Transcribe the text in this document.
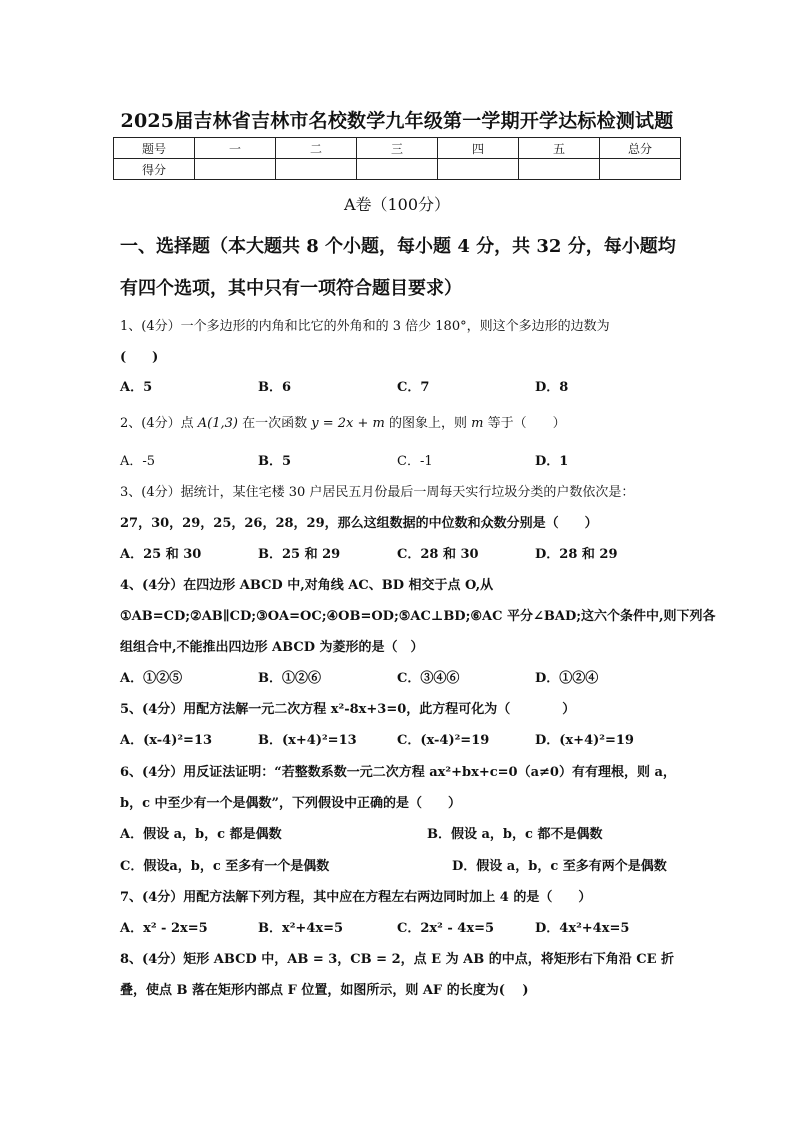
2025届吉林省吉林市名校数学九年级第一学期开学达标检测试题
题号	一	二	三	四	五	总分
得分						
A卷（100分）
一、选择题（本大题共 8 个小题，每小题 4 分，共 32 分，每小题均
有四个选项，其中只有一项符合题目要求）
1、(4分）一个多边形的内角和比它的外角和的 3 倍少 180°，则这个多边形的边数为
(　　)
A．5	B．6	C．7	D．8
2、(4分）点 A(1,3) 在一次函数 y = 2x + m 的图象上，则 m 等于（　　）
A．-5	B．5	C．-1	D．1
3、(4分）据统计，某住宅楼 30 户居民五月份最后一周每天实行垃圾分类的户数依次是：
27，30，29，25，26，28，29，那么这组数据的中位数和众数分别是（　　）
A．25 和 30	B．25 和 29	C．28 和 30	D．28 和 29
4、(4分）在四边形 ABCD 中,对角线 AC、BD 相交于点 O,从
①AB=CD;②AB∥CD;③OA=OC;④OB=OD;⑤AC⊥BD;⑥AC 平分∠BAD;这六个条件中,则下列各
组组合中,不能推出四边形 ABCD 为菱形的是（　）
A．①②⑤	B．①②⑥	C．③④⑥	D．①②④
5、(4分）用配方法解一元二次方程 x²-8x+3=0，此方程可化为（　　　　）
A．(x-4)²=13	B．(x+4)²=13	C．(x-4)²=19	D．(x+4)²=19
6、(4分）用反证法证明：“若整数系数一元二次方程 ax²+bx+c=0（a≠0）有有理根，则 a，
b，c 中至少有一个是偶数”，下列假设中正确的是（　　）
A．假设 a，b，c 都是偶数	B．假设 a，b，c 都不是偶数
C．假设a，b，c 至多有一个是偶数	D．假设 a，b，c 至多有两个是偶数
7、(4分）用配方法解下列方程，其中应在方程左右两边同时加上 4 的是（　　）
A．x² - 2x=5	B．x²+4x=5	C．2x² - 4x=5	D．4x²+4x=5
8、(4分）矩形 ABCD 中，AB = 3，CB = 2，点 E 为 AB 的中点，将矩形右下角沿 CE 折
叠，使点 B 落在矩形内部点 F 位置，如图所示，则 AF 的长度为(　 )
